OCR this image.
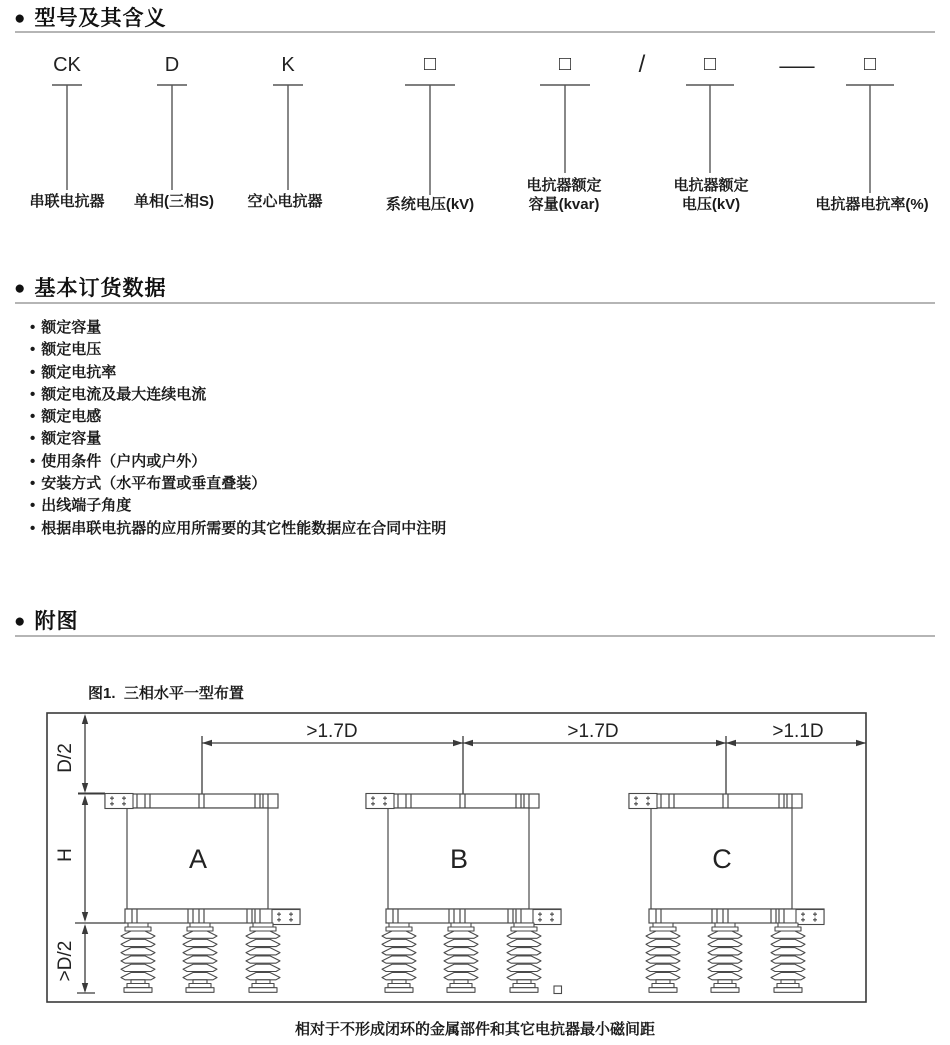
● 型号及其含义
CK	D	K	□	□	/	□	— □
串联电抗器 单相(三相S) 空心电抗器	系统电压(kV)
电抗器额定
容量(kvar)
电抗器额定
电压(kV)	电抗器电抗率(%)
● 基本订货数据
• 额定容量
• 额定电压
• 额定电抗率
• 额定电流及最大连续电流
• 额定电感
• 额定容量
• 使用条件（户内或户外）
• 安装方式（水平布置或垂直叠装）
• 出线端子角度
• 根据串联电抗器的应用所需要的其它性能数据应在合同中注明
● 附图
图1.  三相水平一型布置
>1.7D	>1.7D	>1.1D
D/2
H
>D/2
A	B	C
相对于不形成闭环的金属部件和其它电抗器最小磁间距
